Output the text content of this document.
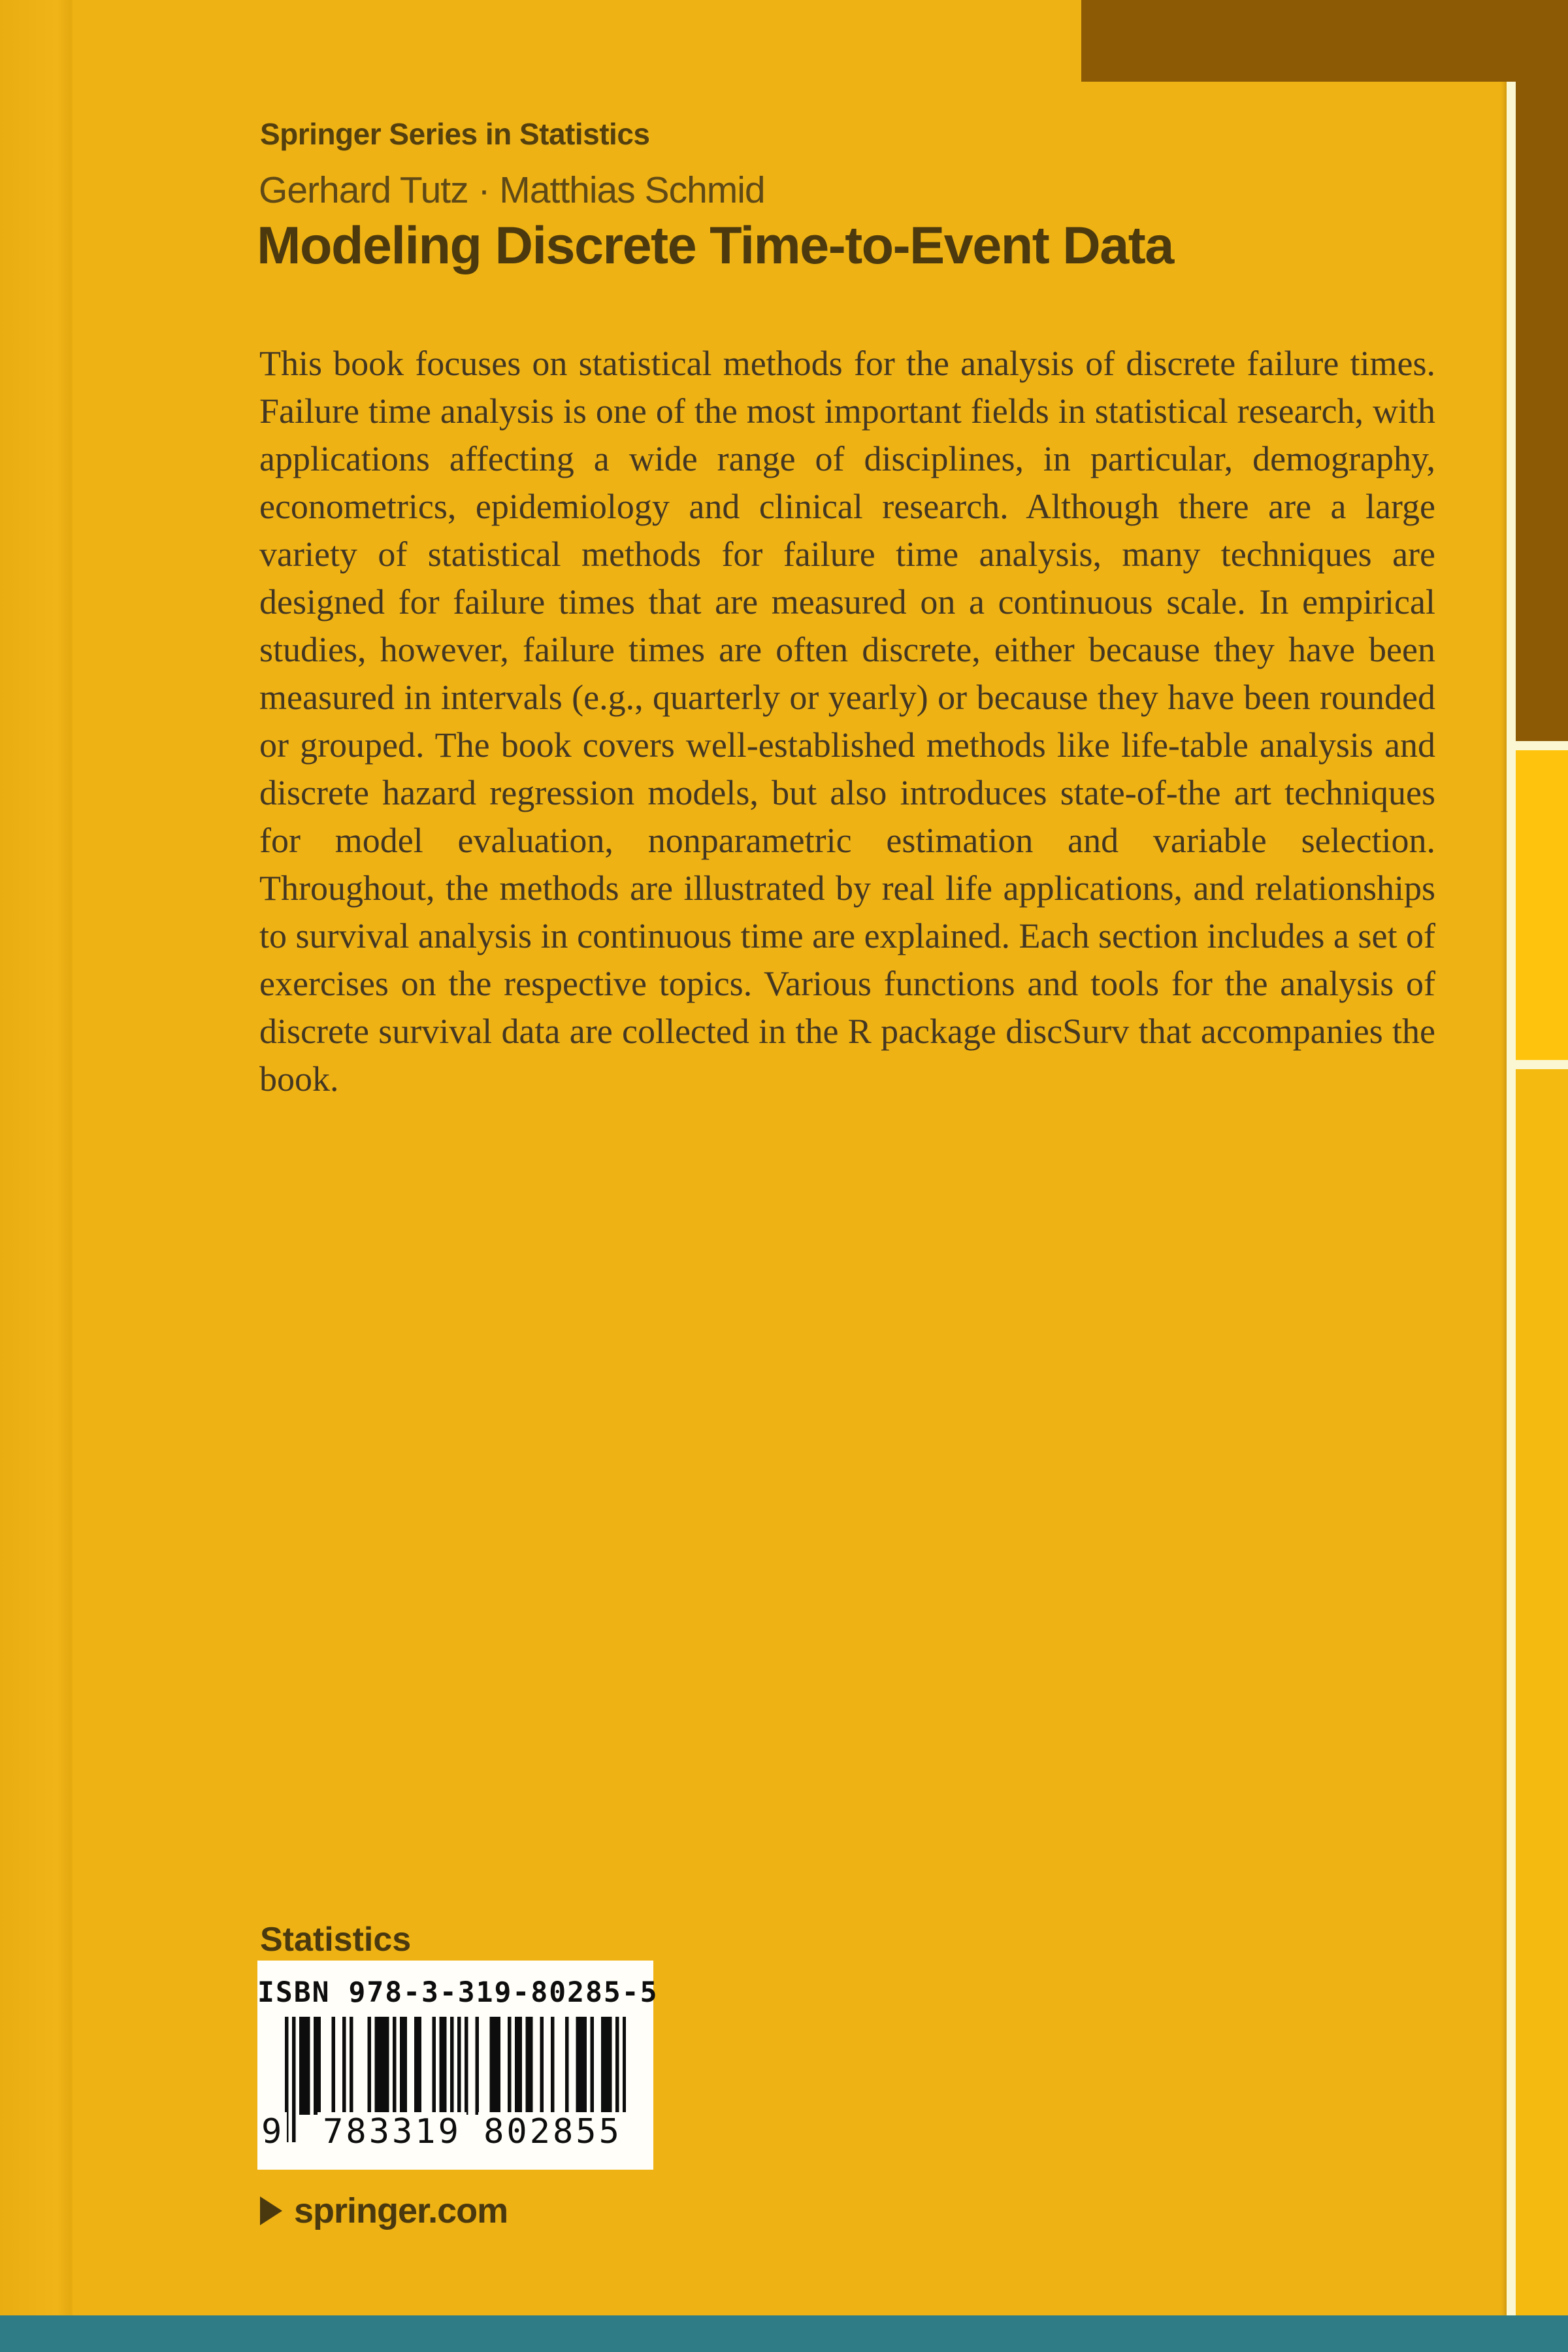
Springer Series in Statistics
Gerhard Tutz · Matthias Schmid
Modeling Discrete Time-to-Event Data
This book focuses on statistical methods for the analysis of discrete failure times. Failure time analysis is one of the most important fields in statistical research, with applications affecting a wide range of disciplines, in particular, demography, econometrics, epidemiology and clinical research. Although there are a large variety of statistical methods for failure time analysis, many techniques are designed for failure times that are measured on a continuous scale. In empirical studies, however, failure times are often discrete, either because they have been measured in intervals (e.g., quarterly or yearly) or because they have been rounded or grouped. The book covers well-established methods like life-table analysis and discrete hazard regression models, but also introduces state-of-the art techniques for model evaluation, nonparametric estimation and variable selection. Throughout, the methods are illustrated by real life applications, and relationships to survival analysis in continuous time are explained. Each section includes a set of exercises on the respective topics. Various functions and tools for the analysis of discrete survival data are collected in the R package discSurv that accompanies the book.
Statistics
ISBN 978-3-319-80285-5
9 783319 802855
springer.com
